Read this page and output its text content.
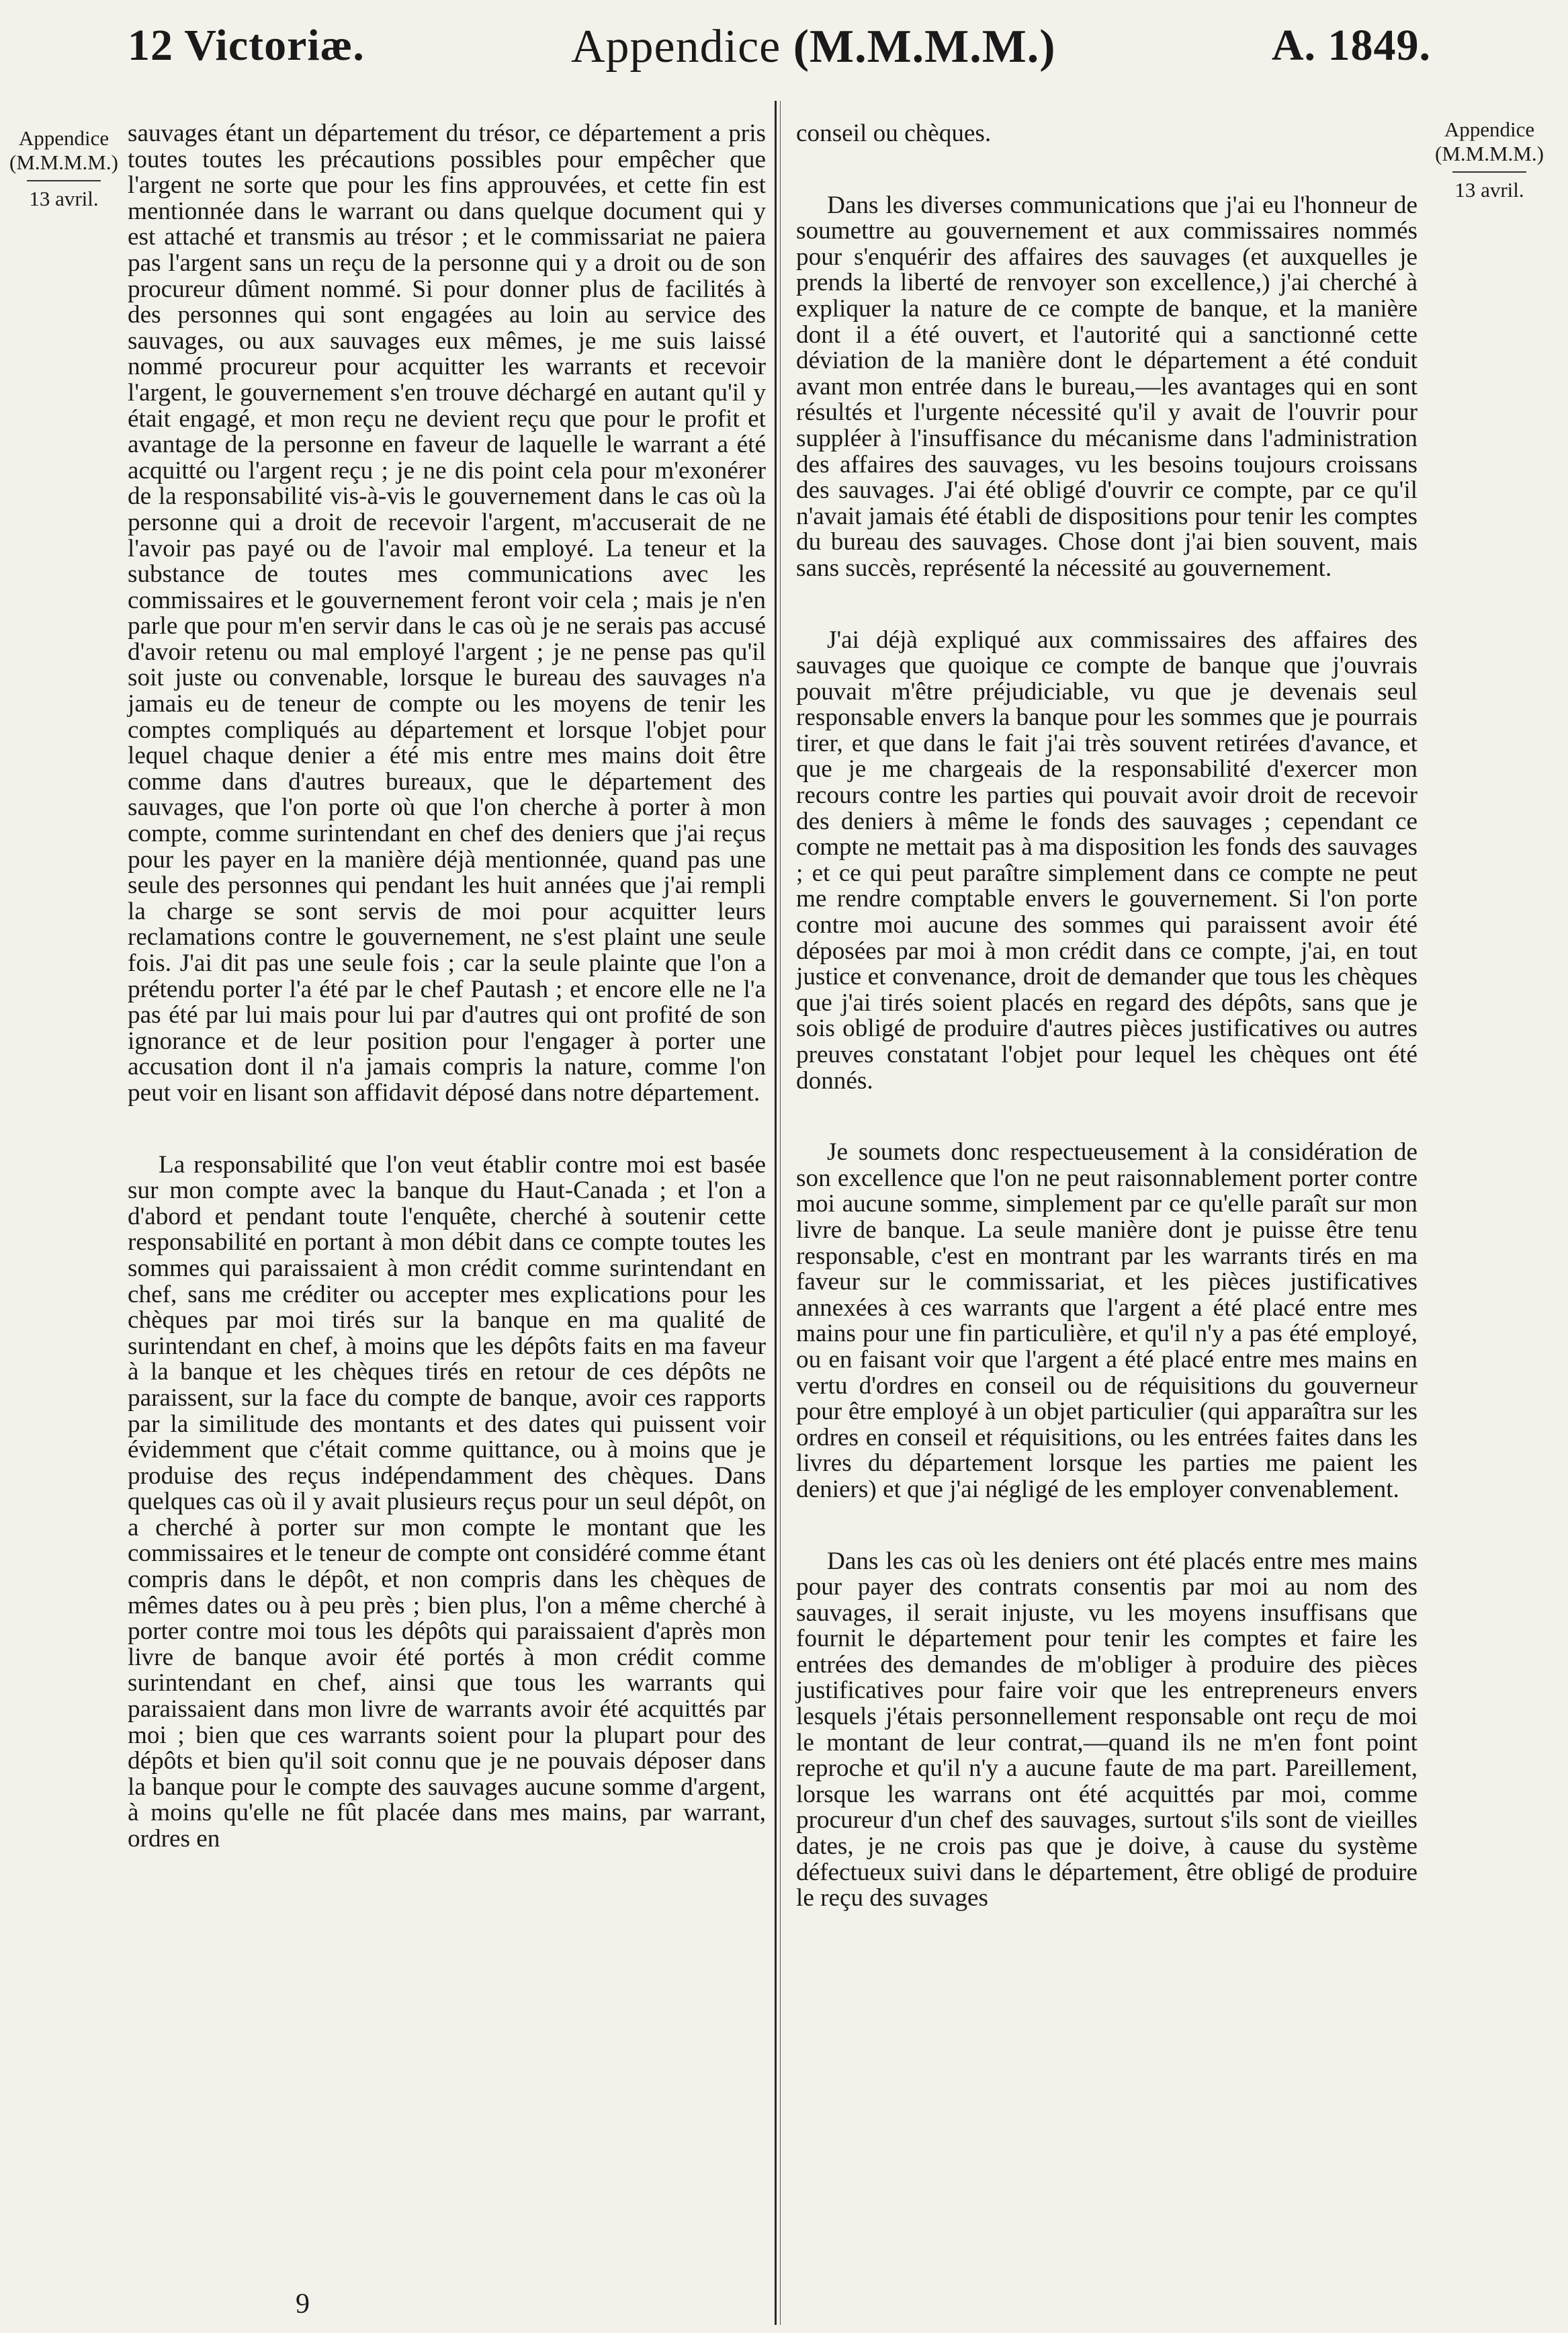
12 Victoriæ.	Appendice (M.M.M.M.)	A. 1849.
Appendice
(M.M.M.M.)
13 avril.
Appendice
(M.M.M.M.)
13 avril.

sauvages étant un département du trésor, ce département a pris toutes toutes les précautions possibles pour empêcher que l'argent ne sorte que pour les fins approuvées, et cette fin est mentionnée dans le warrant ou dans quelque document qui y est attaché et transmis au trésor ; et le commissariat ne paiera pas l'argent sans un reçu de la personne qui y a droit ou de son procureur dûment nommé. Si pour donner plus de facilités à des personnes qui sont engagées au loin au service des sauvages, ou aux sauvages eux mêmes, je me suis laissé nommé procureur pour acquitter les warrants et recevoir l'argent, le gouvernement s'en trouve déchargé en autant qu'il y était engagé, et mon reçu ne devient reçu que pour le profit et avantage de la personne en faveur de laquelle le warrant a été acquitté ou l'argent reçu ; je ne dis point cela pour m'exonérer de la responsabilité vis-à-vis le gouvernement dans le cas où la personne qui a droit de recevoir l'argent, m'accuserait de ne l'avoir pas payé ou de l'avoir mal employé. La teneur et la substance de toutes mes communications avec les commissaires et le gouvernement feront voir cela ; mais je n'en parle que pour m'en servir dans le cas où je ne serais pas accusé d'avoir retenu ou mal employé l'argent ; je ne pense pas qu'il soit juste ou convenable, lorsque le bureau des sauvages n'a jamais eu de teneur de compte ou les moyens de tenir les comptes compliqués au département et lorsque l'objet pour lequel chaque denier a été mis entre mes mains doit être comme dans d'autres bureaux, que le département des sauvages, que l'on porte où que l'on cherche à porter à mon compte, comme surintendant en chef des deniers que j'ai reçus pour les payer en la manière déjà mentionnée, quand pas une seule des personnes qui pendant les huit années que j'ai rempli la charge se sont servis de moi pour acquitter leurs reclamations contre le gouvernement, ne s'est plaint une seule fois. J'ai dit pas une seule fois ; car la seule plainte que l'on a prétendu porter l'a été par le chef Pautash ; et encore elle ne l'a pas été par lui mais pour lui par d'autres qui ont profité de son ignorance et de leur position pour l'engager à porter une accusation dont il n'a jamais compris la nature, comme l'on peut voir en lisant son affidavit déposé dans notre département.

La responsabilité que l'on veut établir contre moi est basée sur mon compte avec la banque du Haut-Canada ; et l'on a d'abord et pendant toute l'enquête, cherché à soutenir cette responsabilité en portant à mon débit dans ce compte toutes les sommes qui paraissaient à mon crédit comme surintendant en chef, sans me créditer ou accepter mes explications pour les chèques par moi tirés sur la banque en ma qualité de surintendant en chef, à moins que les dépôts faits en ma faveur à la banque et les chèques tirés en retour de ces dépôts ne paraissent, sur la face du compte de banque, avoir ces rapports par la similitude des montants et des dates qui puissent voir évidemment que c'était comme quittance, ou à moins que je produise des reçus indépendamment des chèques. Dans quelques cas où il y avait plusieurs reçus pour un seul dépôt, on a cherché à porter sur mon compte le montant que les commissaires et le teneur de compte ont considéré comme étant compris dans le dépôt, et non compris dans les chèques de mêmes dates ou à peu près ; bien plus, l'on a même cherché à porter contre moi tous les dépôts qui paraissaient d'après mon livre de banque avoir été portés à mon crédit comme surintendant en chef, ainsi que tous les warrants qui paraissaient dans mon livre de warrants avoir été acquittés par moi ; bien que ces warrants soient pour la plupart pour des dépôts et bien qu'il soit connu que je ne pouvais déposer dans la banque pour le compte des sauvages aucune somme d'argent, à moins qu'elle ne fût placée dans mes mains, par warrant, ordres en

conseil ou chèques.

Dans les diverses communications que j'ai eu l'honneur de soumettre au gouvernement et aux commissaires nommés pour s'enquérir des affaires des sauvages (et auxquelles je prends la liberté de renvoyer son excellence,) j'ai cherché à expliquer la nature de ce compte de banque, et la manière dont il a été ouvert, et l'autorité qui a sanctionné cette déviation de la manière dont le département a été conduit avant mon entrée dans le bureau,—les avantages qui en sont résultés et l'urgente nécessité qu'il y avait de l'ouvrir pour suppléer à l'insuffisance du mécanisme dans l'administration des affaires des sauvages, vu les besoins toujours croissans des sauvages. J'ai été obligé d'ouvrir ce compte, par ce qu'il n'avait jamais été établi de dispositions pour tenir les comptes du bureau des sauvages. Chose dont j'ai bien souvent, mais sans succès, représenté la nécessité au gouvernement.

J'ai déjà expliqué aux commissaires des affaires des sauvages que quoique ce compte de banque que j'ouvrais pouvait m'être préjudiciable, vu que je devenais seul responsable envers la banque pour les sommes que je pourrais tirer, et que dans le fait j'ai très souvent retirées d'avance, et que je me chargeais de la responsabilité d'exercer mon recours contre les parties qui pouvait avoir droit de recevoir des deniers à même le fonds des sauvages ; cependant ce compte ne mettait pas à ma disposition les fonds des sauvages ; et ce qui peut paraître simplement dans ce compte ne peut me rendre comptable envers le gouvernement. Si l'on porte contre moi aucune des sommes qui paraissent avoir été déposées par moi à mon crédit dans ce compte, j'ai, en tout justice et convenance, droit de demander que tous les chèques que j'ai tirés soient placés en regard des dépôts, sans que je sois obligé de produire d'autres pièces justificatives ou autres preuves constatant l'objet pour lequel les chèques ont été donnés.

Je soumets donc respectueusement à la considération de son excellence que l'on ne peut raisonnablement porter contre moi aucune somme, simplement par ce qu'elle paraît sur mon livre de banque. La seule manière dont je puisse être tenu responsable, c'est en montrant par les warrants tirés en ma faveur sur le commissariat, et les pièces justificatives annexées à ces warrants que l'argent a été placé entre mes mains pour une fin particulière, et qu'il n'y a pas été employé, ou en faisant voir que l'argent a été placé entre mes mains en vertu d'ordres en conseil ou de réquisitions du gouverneur pour être employé à un objet particulier (qui apparaîtra sur les ordres en conseil et réquisitions, ou les entrées faites dans les livres du département lorsque les parties me paient les deniers) et que j'ai négligé de les employer convenablement.

Dans les cas où les deniers ont été placés entre mes mains pour payer des contrats consentis par moi au nom des sauvages, il serait injuste, vu les moyens insuffisans que fournit le département pour tenir les comptes et faire les entrées des demandes de m'obliger à produire des pièces justificatives pour faire voir que les entrepreneurs envers lesquels j'étais personnellement responsable ont reçu de moi le montant de leur contrat,—quand ils ne m'en font point reproche et qu'il n'y a aucune faute de ma part. Pareillement, lorsque les warrans ont été acquittés par moi, comme procureur d'un chef des sauvages, surtout s'ils sont de vieilles dates, je ne crois pas que je doive, à cause du système défectueux suivi dans le département, être obligé de produire le reçu des suvages

9
